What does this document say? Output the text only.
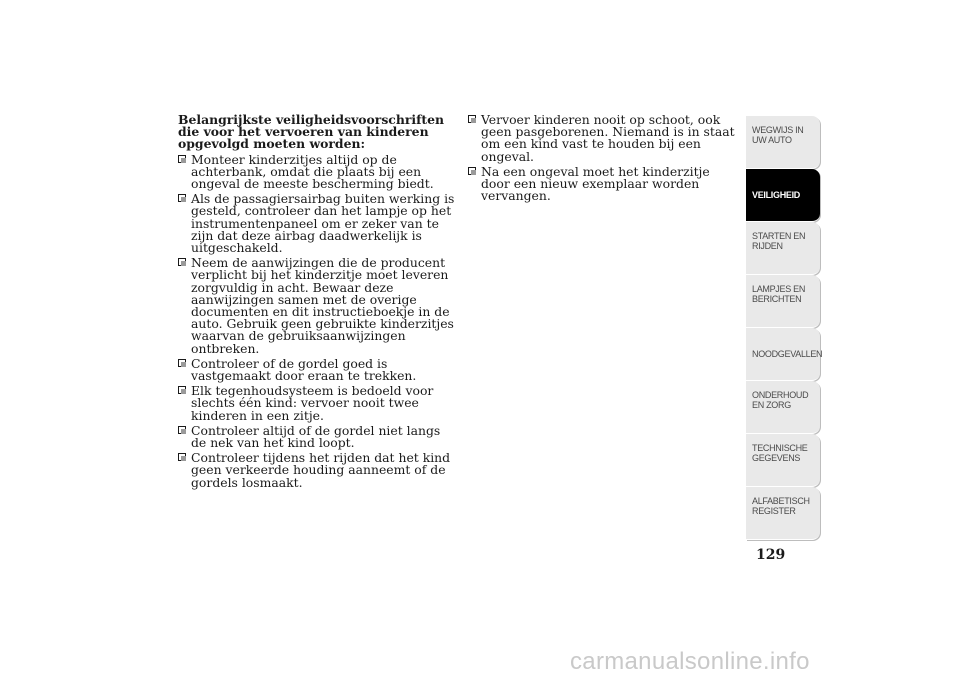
Belangrijkste veiligheidsvoorschriften die voor het vervoeren van kinderen opgevolgd moeten worden:
Monteer kinderzitjes altijd op de achterbank, omdat die plaats bij een ongeval de meeste bescherming biedt.
Als de passagiersairbag buiten werking is gesteld, controleer dan het lampje op het instrumentenpaneel om er zeker van te zijn dat deze airbag daadwerkelijk is uitgeschakeld.
Neem de aanwijzingen die de producent verplicht bij het kinderzitje moet leveren zorgvuldig in acht. Bewaar deze aanwijzingen samen met de overige documenten en dit instructieboekje in de auto. Gebruik geen gebruikte kinderzitjes waarvan de gebruiksaanwijzingen ontbreken.
Controleer of de gordel goed is vastgemaakt door eraan te trekken.
Elk tegenhoudsysteem is bedoeld voor slechts één kind: vervoer nooit twee kinderen in een zitje.
Controleer altijd of de gordel niet langs de nek van het kind loopt.
Controleer tijdens het rijden dat het kind geen verkeerde houding aanneemt of de gordels losmaakt.
Vervoer kinderen nooit op schoot, ook geen pasgeborenen. Niemand is in staat om een kind vast te houden bij een ongeval.
Na een ongeval moet het kinderzitje door een nieuw exemplaar worden vervangen.
WEGWIJS IN UW AUTO
VEILIGHEID
STARTEN EN RIJDEN
LAMPJES EN BERICHTEN
NOODGEVALLEN
ONDERHOUD EN ZORG
TECHNISCHE GEGEVENS
ALFABETISCH REGISTER
129
carmanualsonline.info
